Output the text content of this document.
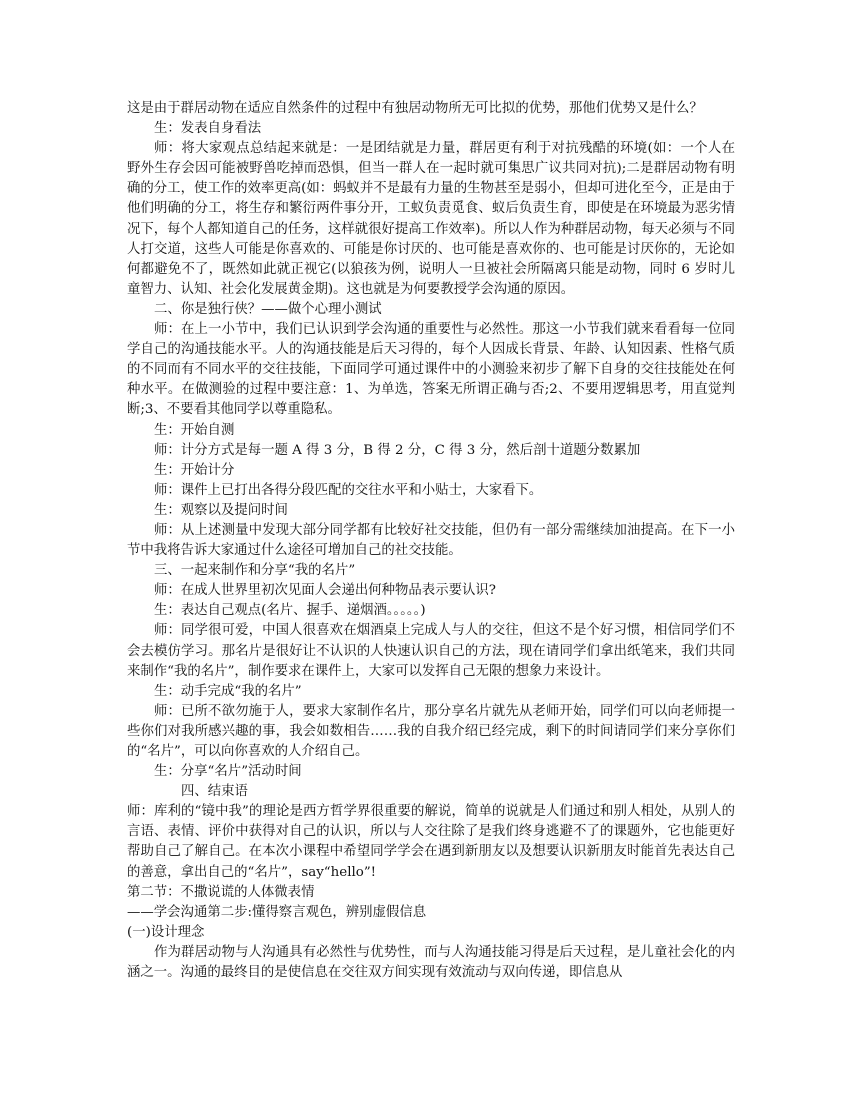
这是由于群居动物在适应自然条件的过程中有独居动物所无可比拟的优势，那他们优势又是什么？

生：发表自身看法

师：将大家观点总结起来就是：一是团结就是力量，群居更有利于对抗残酷的环境(如：一个人在野外生存会因可能被野兽吃掉而恐惧，但当一群人在一起时就可集思广议共同对抗);二是群居动物有明确的分工，使工作的效率更高(如：蚂蚁并不是最有力量的生物甚至是弱小，但却可进化至今，正是由于他们明确的分工，将生存和繁衍两件事分开，工蚁负责觅食、蚁后负责生育，即使是在环境最为恶劣情况下，每个人都知道自己的任务，这样就很好提高工作效率)。所以人作为种群居动物，每天必须与不同人打交道，这些人可能是你喜欢的、可能是你讨厌的、也可能是喜欢你的、也可能是讨厌你的，无论如何都避免不了，既然如此就正视它(以狼孩为例，说明人一旦被社会所隔离只能是动物，同时 6 岁时儿童智力、认知、社会化发展黄金期)。这也就是为何要教授学会沟通的原因。

二、你是独行侠？——做个心理小测试

师：在上一小节中，我们已认识到学会沟通的重要性与必然性。那这一小节我们就来看看每一位同学自己的沟通技能水平。人的沟通技能是后天习得的，每个人因成长背景、年龄、认知因素、性格气质的不同而有不同水平的交往技能，下面同学可通过课件中的小测验来初步了解下自身的交往技能处在何种水平。在做测验的过程中要注意：1、为单选，答案无所谓正确与否;2、不要用逻辑思考，用直觉判断;3、不要看其他同学以尊重隐私。

生：开始自测

师：计分方式是每一题 A 得 3 分，B 得 2 分，C 得 3 分，然后剖十道题分数累加

生：开始计分

师：课件上已打出各得分段匹配的交往水平和小贴士，大家看下。

生：观察以及提问时间

师：从上述测量中发现大部分同学都有比较好社交技能，但仍有一部分需继续加油提高。在下一小节中我将告诉大家通过什么途径可增加自己的社交技能。

三、一起来制作和分享“我的名片”

师：在成人世界里初次见面人会递出何种物品表示要认识?

生：表达自己观点(名片、握手、递烟酒。。。。。)

师：同学很可爱，中国人很喜欢在烟酒桌上完成人与人的交往，但这不是个好习惯，相信同学们不会去模仿学习。那名片是很好让不认识的人快速认识自己的方法，现在请同学们拿出纸笔来，我们共同来制作“我的名片”，制作要求在课件上，大家可以发挥自己无限的想象力来设计。

生：动手完成“我的名片”

师：已所不欲勿施于人，要求大家制作名片，那分享名片就先从老师开始，同学们可以向老师提一些你们对我所感兴趣的事，我会如数相告……我的自我介绍已经完成，剩下的时间请同学们来分享你们的“名片”，可以向你喜欢的人介绍自己。

生：分享“名片”活动时间

四、结束语

师：库利的“镜中我”的理论是西方哲学界很重要的解说，简单的说就是人们通过和别人相处，从别人的言语、表情、评价中获得对自己的认识，所以与人交往除了是我们终身逃避不了的课题外，它也能更好帮助自己了解自己。在本次小课程中希望同学学会在遇到新朋友以及想要认识新朋友时能首先表达自己的善意，拿出自己的“名片”，say“hello”!

第二节：不撒说谎的人体微表情

——学会沟通第二步:懂得察言观色，辨别虚假信息

(一)设计理念

作为群居动物与人沟通具有必然性与优势性，而与人沟通技能习得是后天过程，是儿童社会化的内涵之一。沟通的最终目的是使信息在交往双方间实现有效流动与双向传递，即信息从
